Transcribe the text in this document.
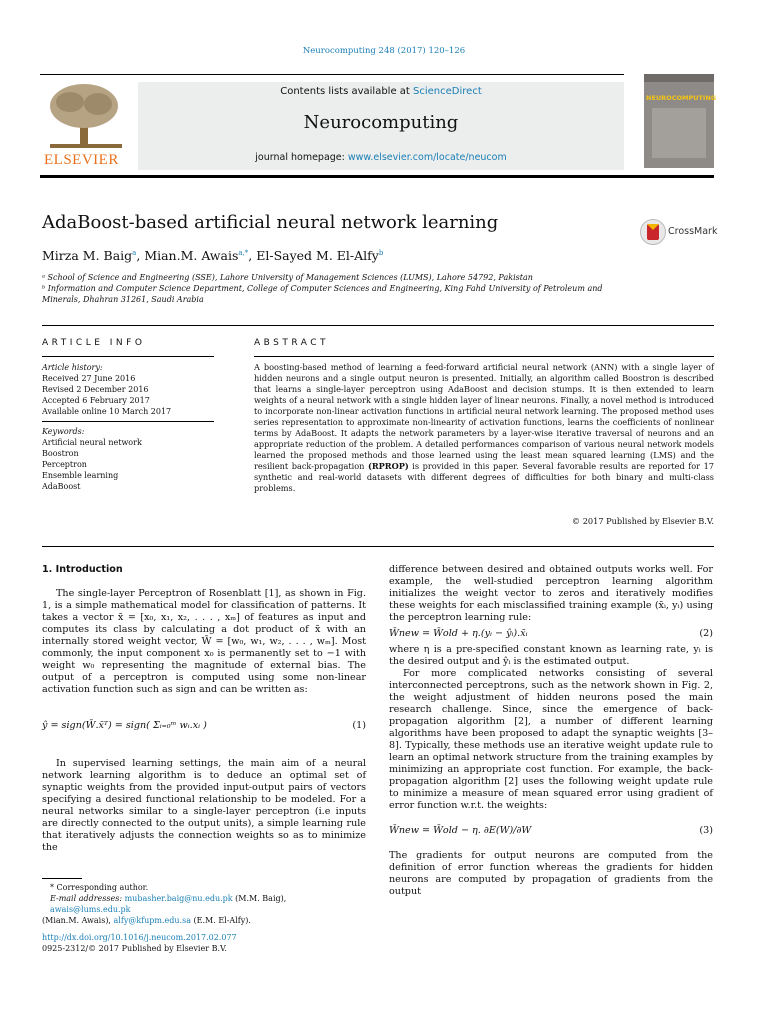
Neurocomputing 248 (2017) 120–126
ELSEVIER
Contents lists available at ScienceDirect
Neurocomputing
journal homepage: www.elsevier.com/locate/neucom
NEUROCOMPUTING
AdaBoost-based artificial neural network learning	CrossMark
Mirza M. Baig$^a$, Mian.M. Awais$^{a,*}$, El-Sayed M. El-Alfy$^b$
ᵃ School of Science and Engineering (SSE), Lahore University of Management Sciences (LUMS), Lahore 54792, Pakistan
ᵇ Information and Computer Science Department, College of Computer Sciences and Engineering, King Fahd University of Petroleum and Minerals, Dhahran 31261, Saudi Arabia
ARTICLE INFO
Article history:
Received 27 June 2016
Revised 2 December 2016
Accepted 6 February 2017
Available online 10 March 2017
Keywords:
Artificial neural network
Boostron
Perceptron
Ensemble learning
AdaBoost
ABSTRACT
A boosting-based method of learning a feed-forward artificial neural network (ANN) with a single layer of hidden neurons and a single output neuron is presented. Initially, an algorithm called Boostron is described that learns a single-layer perceptron using AdaBoost and decision stumps. It is then extended to learn weights of a neural network with a single hidden layer of linear neurons. Finally, a novel method is introduced to incorporate non-linear activation functions in artificial neural network learning. The proposed method uses series representation to approximate non-linearity of activation functions, learns the coefficients of nonlinear terms by AdaBoost. It adapts the network parameters by a layer-wise iterative traversal of neurons and an appropriate reduction of the problem. A detailed performances comparison of various neural network models learned the proposed methods and those learned using the least mean squared learning (LMS) and the resilient back-propagation (RPROP) is provided in this paper. Several favorable results are reported for 17 synthetic and real-world datasets with different degrees of difficulties for both binary and multi-class problems.
© 2017 Published by Elsevier B.V.
1. Introduction

The single-layer Perceptron of Rosenblatt [1], as shown in Fig. 1, is a simple mathematical model for classification of patterns. It takes a vector x̄ = [x₀, x₁, x₂, . . . , xₘ] of features as input and computes its class by calculating a dot product of x̄ with an internally stored weight vector, W̄ = [w₀, w₁, w₂, . . . , wₘ]. Most commonly, the input component x₀ is permanently set to −1 with weight w₀ representing the magnitude of external bias. The output of a perceptron is computed using some non-linear activation function such as sign and can be written as:

ŷ = sign(W̄.x̄ᵀ) = sign( Σᵢ₌₀ᵐ wᵢ.xᵢ )	(1)

In supervised learning settings, the main aim of a neural network learning algorithm is to deduce an optimal set of synaptic weights from the provided input-output pairs of vectors specifying a desired functional relationship to be modeled. For a neural networks similar to a single-layer perceptron (i.e inputs are directly connected to the output units), a simple learning rule that iteratively adjusts the connection weights so as to minimize the

* Corresponding author.
E-mail addresses: mubasher.baig@nu.edu.pk (M.M. Baig), awais@lums.edu.pk
(Mian.M. Awais), alfy@kfupm.edu.sa (E.M. El-Alfy).
http://dx.doi.org/10.1016/j.neucom.2017.02.077
0925-2312/© 2017 Published by Elsevier B.V.

difference between desired and obtained outputs works well. For example, the well-studied perceptron learning algorithm initializes the weight vector to zeros and iteratively modifies these weights for each misclassified training example (x̄ᵢ, yᵢ) using the perceptron learning rule:

W̄new = W̄old + η.(yᵢ − ŷᵢ).x̄ᵢ	(2)

where η is a pre-specified constant known as learning rate, yᵢ is the desired output and ŷᵢ is the estimated output.

For more complicated networks consisting of several interconnected perceptrons, such as the network shown in Fig. 2, the weight adjustment of hidden neurons posed the main research challenge. Since, since the emergence of back-propagation algorithm [2], a number of different learning algorithms have been proposed to adapt the synaptic weights [3–8]. Typically, these methods use an iterative weight update rule to learn an optimal network structure from the training examples by minimizing an appropriate cost function. For example, the back-propagation algorithm [2] uses the following weight update rule to minimize a measure of mean squared error using gradient of error function w.r.t. the weights:

W̄new = W̄old − η. ∂E(W)/∂W	(3)

The gradients for output neurons are computed from the definition of error function whereas the gradients for hidden neurons are computed by propagation of gradients from the output
